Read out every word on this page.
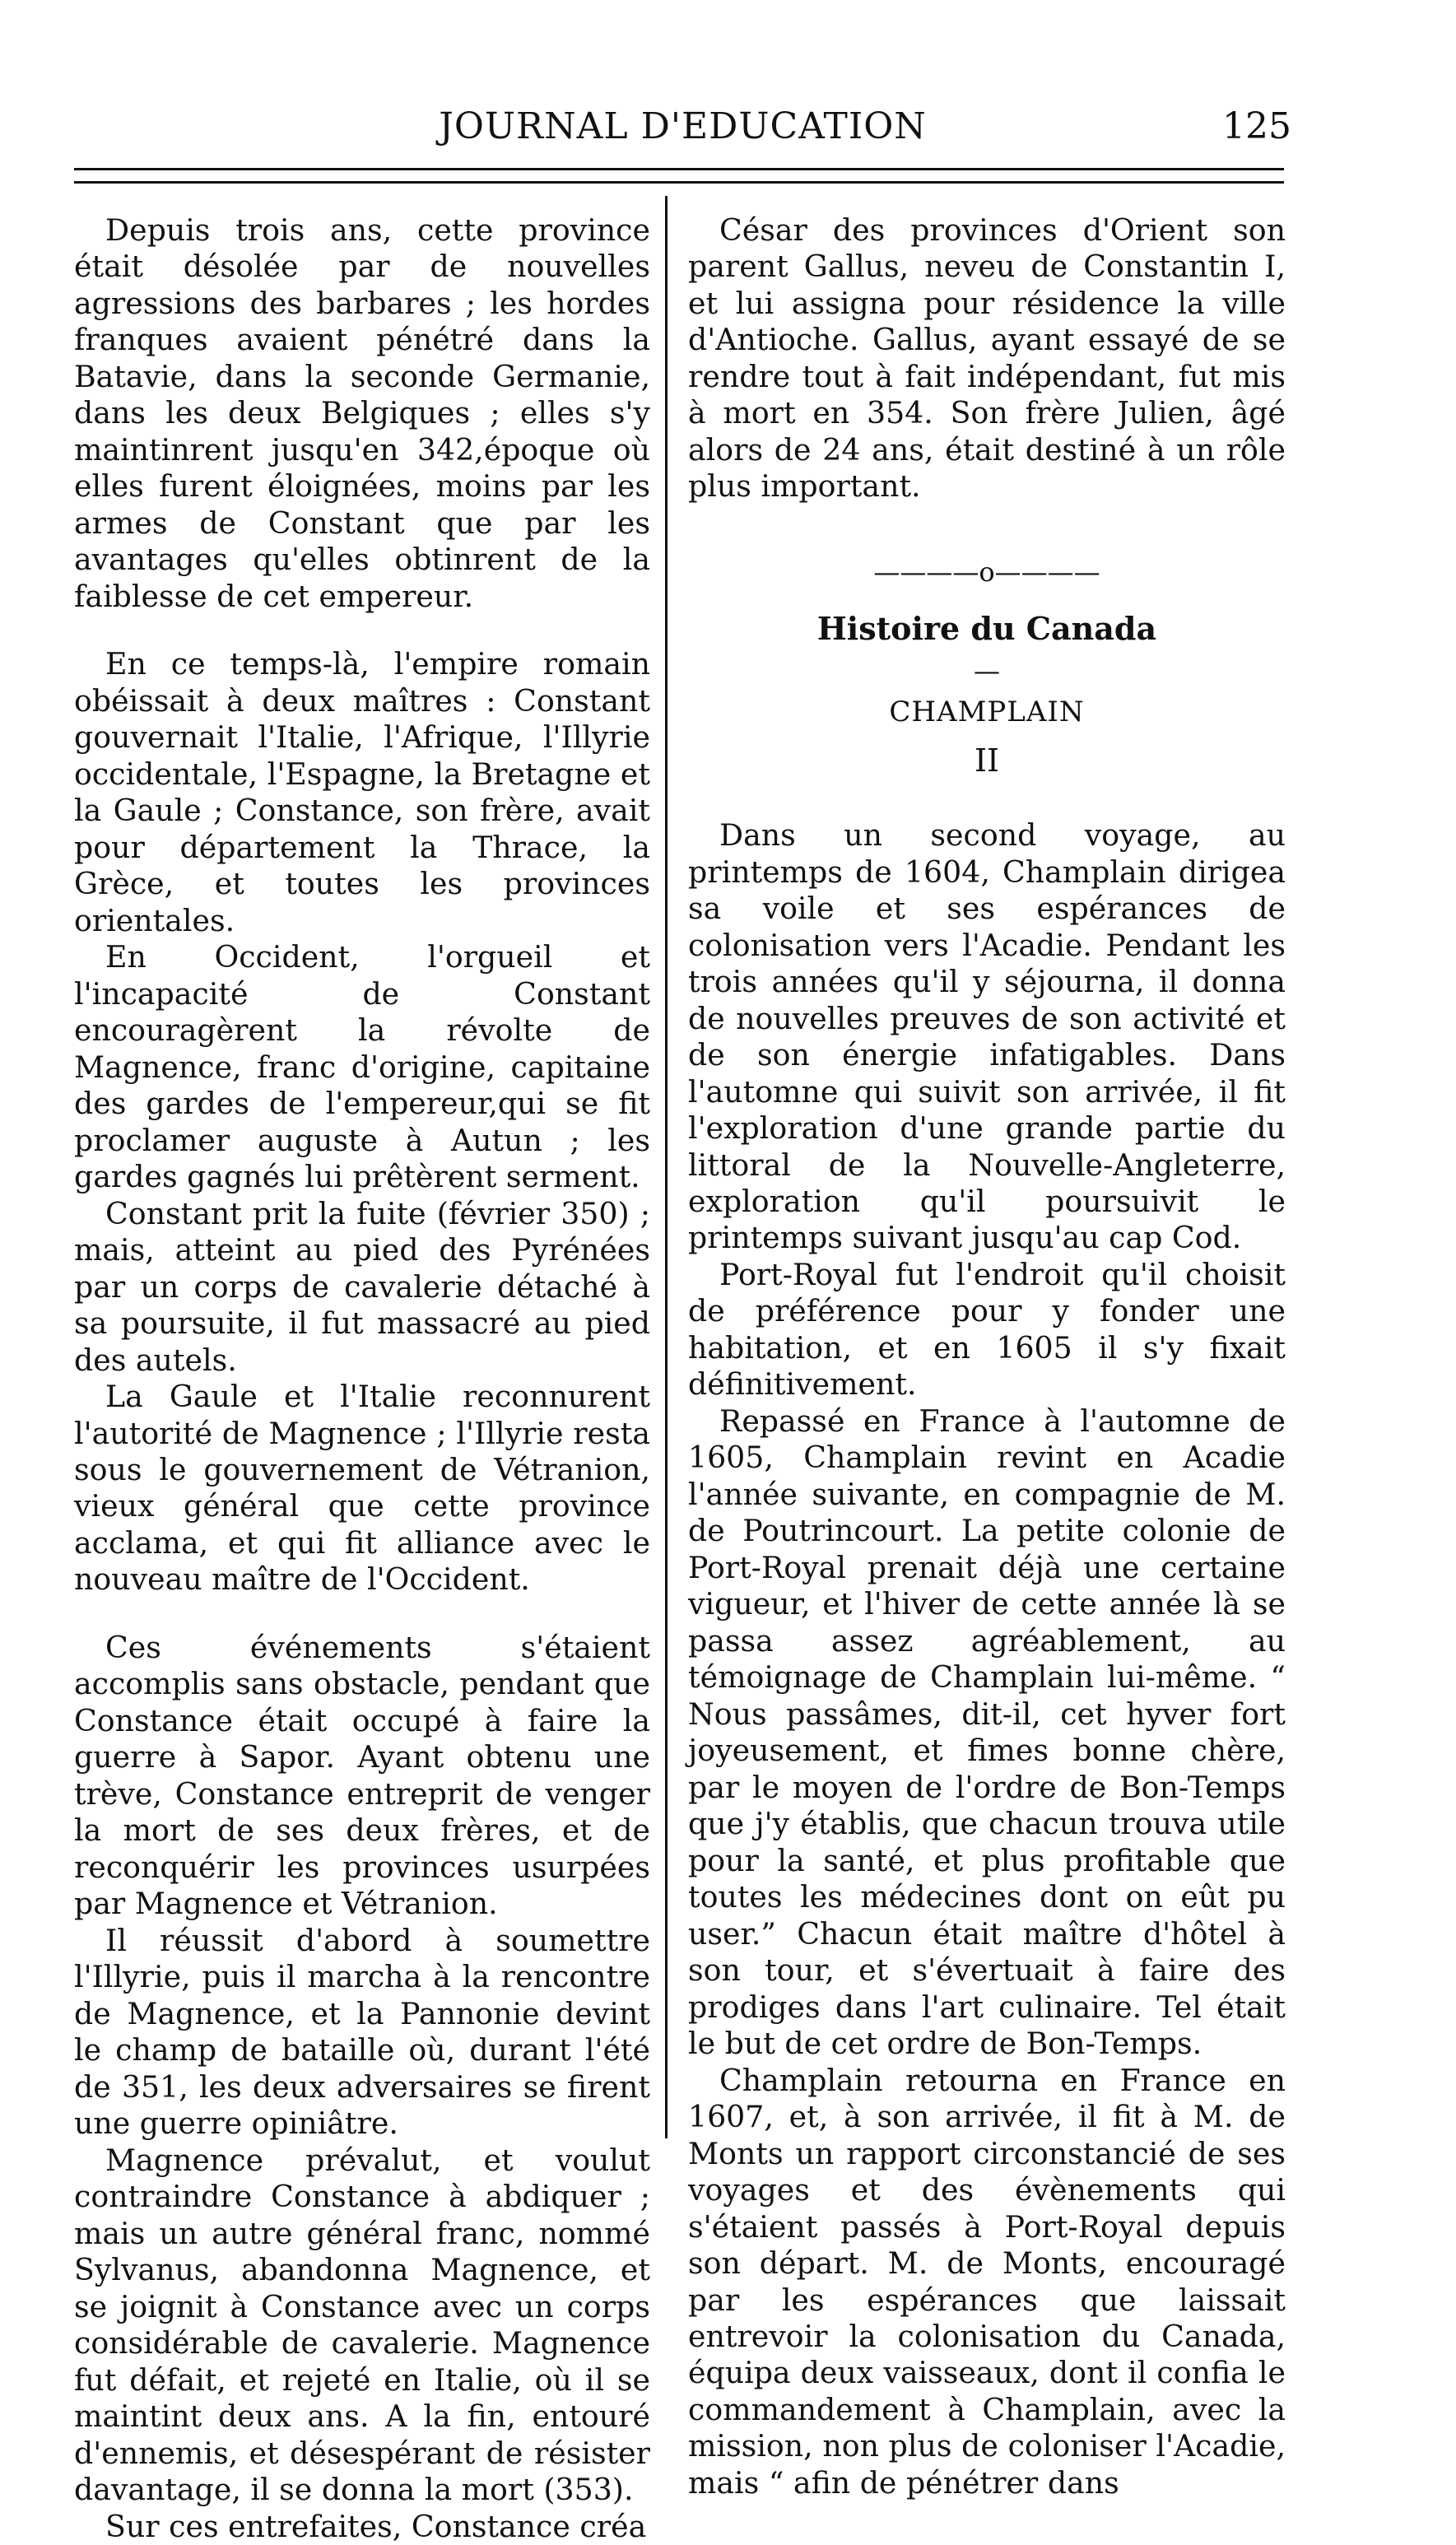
JOURNAL D'EDUCATION	125

Depuis trois ans, cette province était désolée par de nouvelles agressions des barbares ; les hordes franques avaient pénétré dans la Batavie, dans la seconde Germanie, dans les deux Belgiques ; elles s'y maintinrent jusqu'en 342,époque où elles furent éloignées, moins par les armes de Constant que par les avantages qu'elles obtinrent de la faiblesse de cet empereur.

En ce temps-là, l'empire romain obéissait à deux maîtres : Constant gouvernait l'Italie, l'Afrique, l'Illyrie occidentale, l'Espagne, la Bretagne et la Gaule ; Constance, son frère, avait pour département la Thrace, la Grèce, et toutes les provinces orientales.

En Occident, l'orgueil et l'incapacité de Constant encouragèrent la révolte de Magnence, franc d'origine, capitaine des gardes de l'empereur,qui se fit proclamer auguste à Autun ; les gardes gagnés lui prêtèrent serment.

Constant prit la fuite (février 350) ; mais, atteint au pied des Pyrénées par un corps de cavalerie détaché à sa poursuite, il fut massacré au pied des autels.

La Gaule et l'Italie reconnurent l'autorité de Magnence ; l'Illyrie resta sous le gouvernement de Vétranion, vieux général que cette province acclama, et qui fit alliance avec le nouveau maître de l'Occident.

Ces événements s'étaient accomplis sans obstacle, pendant que Constance était occupé à faire la guerre à Sapor. Ayant obtenu une trève, Constance entreprit de venger la mort de ses deux frères, et de reconquérir les provinces usurpées par Magnence et Vétranion.

Il réussit d'abord à soumettre l'Illyrie, puis il marcha à la rencontre de Magnence, et la Pannonie devint le champ de bataille où, durant l'été de 351, les deux adversaires se firent une guerre opiniâtre.

Magnence prévalut, et voulut contraindre Constance à abdiquer ; mais un autre général franc, nommé Sylvanus, abandonna Magnence, et se joignit à Constance avec un corps considérable de cavalerie. Magnence fut défait, et rejeté en Italie, où il se maintint deux ans. A la fin, entouré d'ennemis, et désespérant de résister davantage, il se donna la mort (353).

Sur ces entrefaites, Constance créa

César des provinces d'Orient son parent Gallus, neveu de Constantin I, et lui assigna pour résidence la ville d'Antioche. Gallus, ayant essayé de se rendre tout à fait indépendant, fut mis à mort en 354. Son frère Julien, âgé alors de 24 ans, était destiné à un rôle plus important.

————o————
Histoire du Canada
—
CHAMPLAIN
II

Dans un second voyage, au printemps de 1604, Champlain dirigea sa voile et ses espérances de colonisation vers l'Acadie. Pendant les trois années qu'il y séjourna, il donna de nouvelles preuves de son activité et de son énergie infatigables. Dans l'automne qui suivit son arrivée, il fit l'exploration d'une grande partie du littoral de la Nouvelle-Angleterre, exploration qu'il poursuivit le printemps suivant jusqu'au cap Cod.

Port-Royal fut l'endroit qu'il choisit de préférence pour y fonder une habitation, et en 1605 il s'y fixait définitivement.

Repassé en France à l'automne de 1605, Champlain revint en Acadie l'année suivante, en compagnie de M. de Poutrincourt. La petite colonie de Port-Royal prenait déjà une certaine vigueur, et l'hiver de cette année là se passa assez agréablement, au témoignage de Champlain lui-même. “ Nous passâmes, dit-il, cet hyver fort joyeusement, et fimes bonne chère, par le moyen de l'ordre de Bon-Temps que j'y établis, que chacun trouva utile pour la santé, et plus profitable que toutes les médecines dont on eût pu user.” Chacun était maître d'hôtel à son tour, et s'évertuait à faire des prodiges dans l'art culinaire. Tel était le but de cet ordre de Bon-Temps.

Champlain retourna en France en 1607, et, à son arrivée, il fit à M. de Monts un rapport circonstancié de ses voyages et des évènements qui s'étaient passés à Port-Royal depuis son départ. M. de Monts, encouragé par les espérances que laissait entrevoir la colonisation du Canada, équipa deux vaisseaux, dont il confia le commandement à Champlain, avec la mission, non plus de coloniser l'Acadie, mais “ afin de pénétrer dans
